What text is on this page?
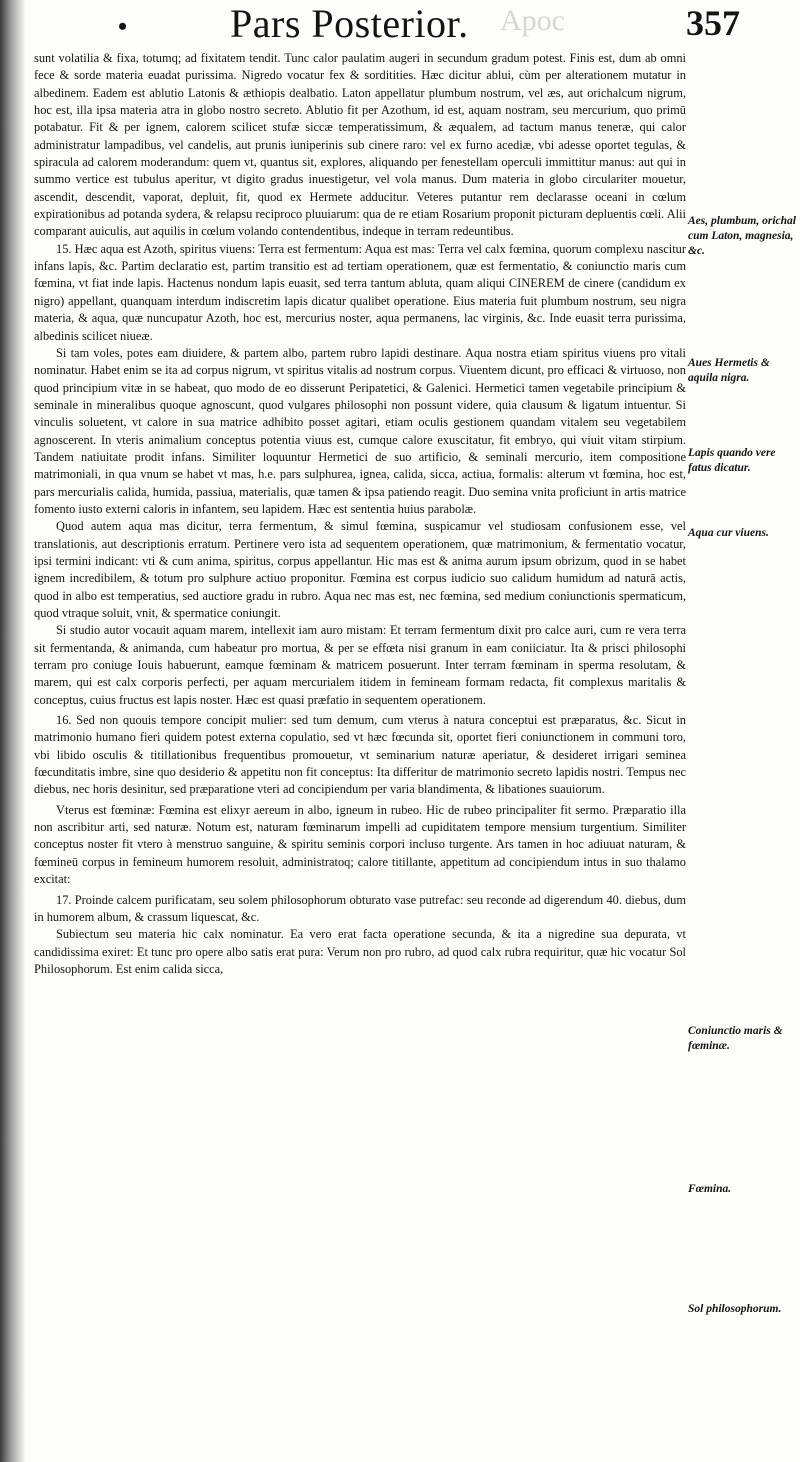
•	Pars Posterior. Apoc	357

sunt volatilia & fixa, totumq; ad fixitatem tendit. Tunc calor paulatim augeri in secundum gradum potest. Finis est, dum ab omni fece & sorde materia euadat purissima. Nigredo vocatur fex & sorditities. Hæc dicitur ablui, cùm per alterationem mutatur in albedinem. Eadem est ablutio Latonis & æthiopis dealbatio. Laton appellatur plumbum nostrum, vel æs, aut orichalcum nigrum, hoc est, illa ipsa materia atra in globo nostro secreto. Ablutio fit per Azothum, id est, aquam nostram, seu mercurium, quo primū potabatur. Fit & per ignem, calorem scilicet stufæ siccæ temperatissimum, & æqualem, ad tactum manus teneræ, qui calor administratur lampadibus, vel candelis, aut prunis iuniperinis sub cinere raro: vel ex furno acediæ, vbi adesse oportet tegulas, & spiracula ad calorem moderandum: quem vt, quantus sit, explores, aliquando per fenestellam operculi immittitur manus: aut qui in summo vertice est tubulus aperitur, vt digito gradus inuestigetur, vel vola manus. Dum materia in globo circulariter mouetur, ascendit, descendit, vaporat, depluit, fit, quod ex Hermete adducitur. Veteres putantur rem declarasse oceani in cœlum expirationibus ad potanda sydera, & relapsu reciproco pluuiarum: qua de re etiam Rosarium proponit picturam depluentis cœli. Alii comparant auiculis, aut aquilis in cœlum volando contendentibus, indeque in terram redeuntibus.

15. Hæc aqua est Azoth, spiritus viuens: Terra est fermentum: Aqua est mas: Terra vel calx fœmina, quorum complexu nascitur infans lapis, &c. Partim declaratio est, partim transitio est ad tertiam operationem, quæ est fermentatio, & coniunctio maris cum fœmina, vt fiat inde lapis. Hactenus nondum lapis euasit, sed terra tantum abluta, quam aliqui CINEREM de cinere (candidum ex nigro) appellant, quanquam interdum indiscretim lapis dicatur qualibet operatione. Eius materia fuit plumbum nostrum, seu nigra materia, & aqua, quæ nuncupatur Azoth, hoc est, mercurius noster, aqua permanens, lac virginis, &c. Inde euasit terra purissima, albedinis scilicet niueæ.

Si tam voles, potes eam diuidere, & partem albo, partem rubro lapidi destinare. Aqua nostra etiam spiritus viuens pro vitali nominatur. Habet enim se ita ad corpus nigrum, vt spiritus vitalis ad nostrum corpus. Viuentem dicunt, pro efficaci & virtuoso, non quod principium vitæ in se habeat, quo modo de eo disserunt Peripatetici, & Galenici. Hermetici tamen vegetabile principium & seminale in mineralibus quoque agnoscunt, quod vulgares philosophi non possunt videre, quia clausum & ligatum intuentur. Si vinculis soluetent, vt calore in sua matrice adhibito posset agitari, etiam oculis gestionem quandam vitalem seu vegetabilem agnoscerent. In vteris animalium conceptus potentia viuus est, cumque calore exuscitatur, fit embryo, qui viuit vitam stirpium. Tandem natiuitate prodit infans. Similiter loquuntur Hermetici de suo artificio, & seminali mercurio, item compositione matrimoniali, in qua vnum se habet vt mas, h.e. pars sulphurea, ignea, calida, sicca, actiua, formalis: alterum vt fœmina, hoc est, pars mercurialis calida, humida, passiua, materialis, quæ tamen & ipsa patiendo reagit. Duo semina vnita proficiunt in artis matrice fomento iusto externi caloris in infantem, seu lapidem. Hæc est sententia huius parabolæ.

Quod autem aqua mas dicitur, terra fermentum, & simul fœmina, suspicamur vel studiosam confusionem esse, vel translationis, aut descriptionis erratum. Pertinere vero ista ad sequentem operationem, quæ matrimonium, & fermentatio vocatur, ipsi termini indicant: vti & cum anima, spiritus, corpus appellantur. Hic mas est & anima aurum ipsum obrizum, quod in se habet ignem incredibilem, & totum pro sulphure actiuo proponitur. Fœmina est corpus iudicio suo calidum humidum ad naturā actis, quod in albo est temperatius, sed auctiore gradu in rubro. Aqua nec mas est, nec fœmina, sed medium coniunctionis spermaticum, quod vtraque soluit, vnit, & spermatice coniungit.

Si studio autor vocauit aquam marem, intellexit iam auro mistam: Et terram fermentum dixit pro calce auri, cum re vera terra sit fermentanda, & animanda, cum habeatur pro mortua, & per se effœta nisi granum in eam coniiciatur. Ita & prisci philosophi terram pro coniuge Iouis habuerunt, eamque fœminam & matricem posuerunt. Inter terram fœminam in sperma resolutam, & marem, qui est calx corporis perfecti, per aquam mercurialem itidem in femineam formam redacta, fit complexus maritalis & conceptus, cuius fructus est lapis noster. Hæc est quasi præfatio in sequentem operationem.

16. Sed non quouis tempore concipit mulier: sed tum demum, cum vterus à natura conceptui est præparatus, &c. Sicut in matrimonio humano fieri quidem potest externa copulatio, sed vt hæc fœcunda sit, oportet fieri coniunctionem in communi toro, vbi libido osculis & titillationibus frequentibus promouetur, vt seminarium naturæ aperiatur, & desideret irrigari seminea fœcunditatis imbre, sine quo desiderio & appetitu non fit conceptus: Ita differitur de matrimonio secreto lapidis nostri. Tempus nec diebus, nec horis desinitur, sed præparatione vteri ad concipiendum per varia blandimenta, & libationes suauiorum.

Vterus est fœminæ: Fœmina est elixyr aereum in albo, igneum in rubeo. Hic de rubeo principaliter fit sermo. Præparatio illa non ascribitur arti, sed naturæ. Notum est, naturam fœminarum impelli ad cupiditatem tempore mensium turgentium. Similiter conceptus noster fit vtero à menstruo sanguine, & spiritu seminis corpori incluso turgente. Ars tamen in hoc adiuuat naturam, & fœmineū corpus in femineum humorem resoluit, administratoq; calore titillante, appetitum ad concipiendum intus in suo thalamo excitat:

17. Proinde calcem purificatam, seu solem philosophorum obturato vase putrefac: seu reconde ad digerendum 40. diebus, dum in humorem album, & crassum liquescat, &c.

Subiectum seu materia hic calx nominatur. Ea vero erat facta operatione secunda, & ita a nigredine sua depurata, vt candidissima exiret: Et tunc pro opere albo satis erat pura: Verum non pro rubro, ad quod calx rubra requiritur, quæ hic vocatur Sol Philosophorum. Est enim calida sicca,

Aes, plumbum, orichal cum Laton, magnesia, &c.
Aues Hermetis & aquila nigra.
Lapis quando vere fatus dicatur.
Aqua cur viuens.
Coniunctio maris & fœminæ.
Fœmina.
Sol philosophorum.
